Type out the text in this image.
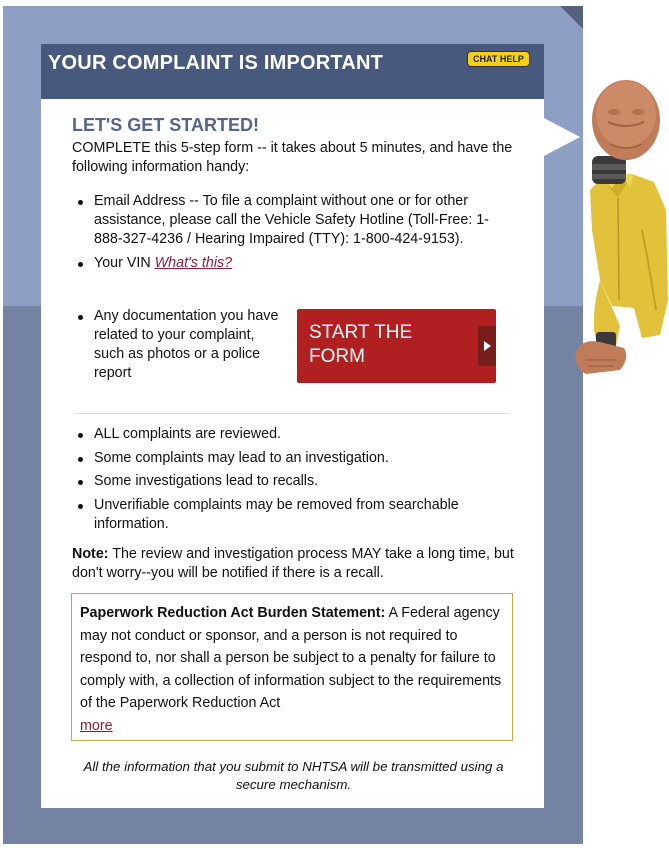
YOUR COMPLAINT IS IMPORTANT	CHAT HELP
LET'S GET STARTED!
COMPLETE this 5-step form -- it takes about 5 minutes, and have the following information handy:
Email Address -- To file a complaint without one or for other assistance, please call the Vehicle Safety Hotline (Toll-Free: 1-888-327-4236 / Hearing Impaired (TTY): 1-800-424-9153).
Your VIN What's this?
Any documentation you have related to your complaint, such as photos or a police report
START THE FORM
ALL complaints are reviewed.
Some complaints may lead to an investigation.
Some investigations lead to recalls.
Unverifiable complaints may be removed from searchable information.
Note: The review and investigation process MAY take a long time, but don't worry--you will be notified if there is a recall.
Paperwork Reduction Act Burden Statement: A Federal agency may not conduct or sponsor, and a person is not required to respond to, nor shall a person be subject to a penalty for failure to comply with, a collection of information subject to the requirements of the Paperwork Reduction Act
more
All the information that you submit to NHTSA will be transmitted using a secure mechanism.
